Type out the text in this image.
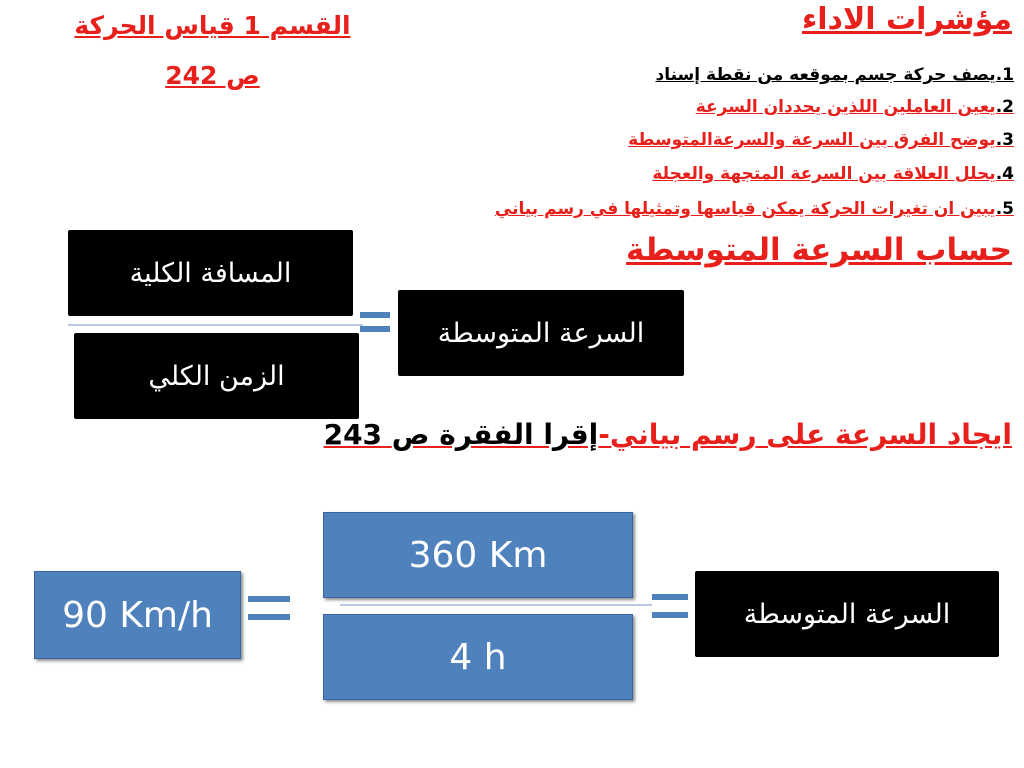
مؤشرات الاداء
القسم 1 قياس الحركة
ص 242	1.يصف حركة جسم بموقعه من نقطة إسناد
2.يعين العاملين اللذين يحددان السرعة
3.يوضح الفرق بين السرعة والسرعةالمتوسطة
4.يحلل العلاقة بين السرعة المتجهة والعجلة
5.يبين ان تغيرات الحركة يمكن قياسها وتمثيلها في رسم بياني
حساب السرعة المتوسطة
المسافة الكلية
الزمن الكلي
السرعة المتوسطة
ايجاد السرعة على رسم بياني-إقرا الفقرة ص 243
90 Km/h
360 Km
4 h
السرعة المتوسطة
